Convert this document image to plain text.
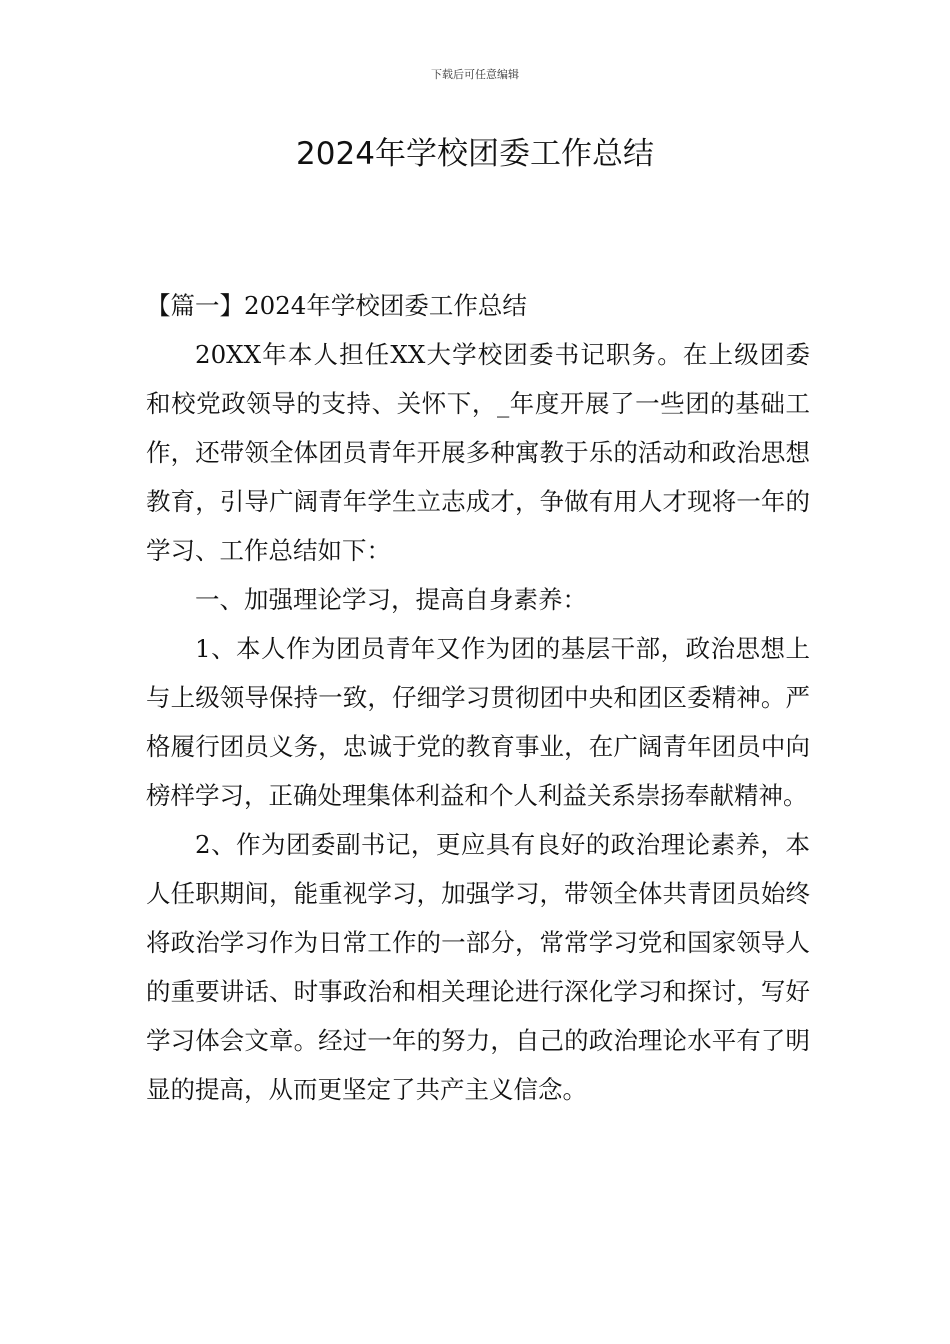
下载后可任意编辑
2024年学校团委工作总结

【篇一】2024年学校团委工作总结

20XX年本人担任XX大学校团委书记职务。在上级团委和校党政领导的支持、关怀下，_年度开展了一些团的基础工作，还带领全体团员青年开展多种寓教于乐的活动和政治思想教育，引导广阔青年学生立志成才，争做有用人才现将一年的学习、工作总结如下：

一、加强理论学习，提高自身素养：

1、本人作为团员青年又作为团的基层干部，政治思想上与上级领导保持一致，仔细学习贯彻团中央和团区委精神。严格履行团员义务，忠诚于党的教育事业，在广阔青年团员中向榜样学习，正确处理集体利益和个人利益关系崇扬奉献精神。

2、作为团委副书记，更应具有良好的政治理论素养，本人任职期间，能重视学习，加强学习，带领全体共青团员始终将政治学习作为日常工作的一部分，常常学习党和国家领导人的重要讲话、时事政治和相关理论进行深化学习和探讨，写好学习体会文章。经过一年的努力，自己的政治理论水平有了明显的提高，从而更坚定了共产主义信念。
